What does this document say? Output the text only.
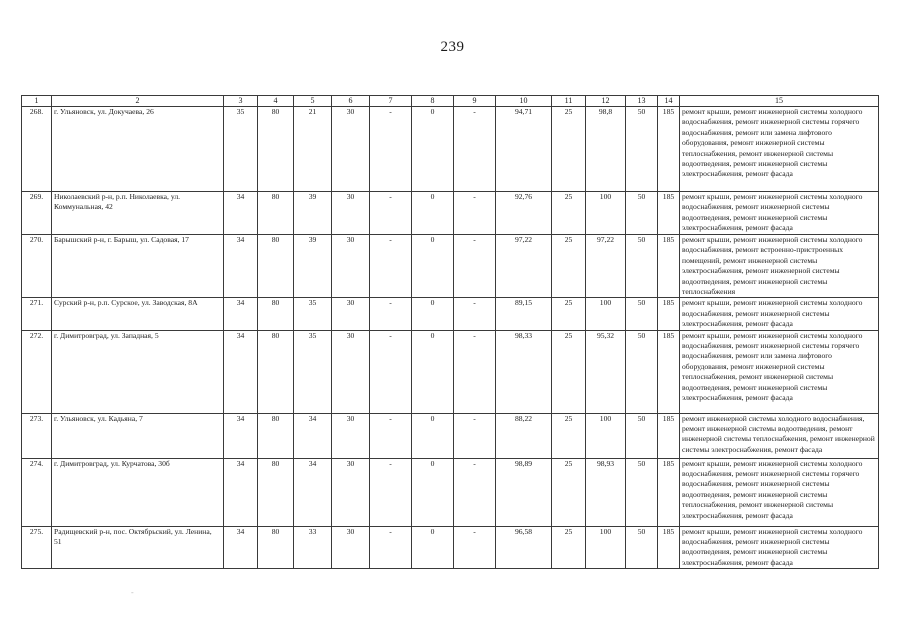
239
1	2	3	4	5	6	7	8	9	10	11	12	13	14	15
268.	г. Ульяновск, ул. Докучаева, 26	35	80	21	30	-	0	-	94,71	25	98,8	50	185	ремонт крыши, ремонт инженерной системы холодного водоснабжения, ремонт инженерной системы горячего водоснабжения, ремонт или замена лифтового оборудования, ремонт инженерной системы теплоснабжения, ремонт инженерной системы водоотведения, ремонт инженерной системы электроснабжения, ремонт фасада
269.	Николаевский р-н, р.п. Николаевка, ул. Коммунальная, 42	34	80	39	30	-	0	-	92,76	25	100	50	185	ремонт крыши, ремонт инженерной системы холодного водоснабжения, ремонт инженерной системы водоотведения, ремонт инженерной системы электроснабжения, ремонт фасада
270.	Барышский р-н, г. Барыш, ул. Садовая, 17	34	80	39	30	-	0	-	97,22	25	97,22	50	185	ремонт крыши, ремонт инженерной системы холодного водоснабжения, ремонт встроенно-пристроенных помещений, ремонт инженерной системы электроснабжения, ремонт инженерной системы водоотведения, ремонт инженерной системы теплоснабжения
271.	Сурский р-н, р.п. Сурское, ул. Заводская, 8А	34	80	35	30	-	0	-	89,15	25	100	50	185	ремонт крыши, ремонт инженерной системы холодного водоснабжения, ремонт инженерной системы электроснабжения, ремонт фасада
272.	г. Димитровград, ул. Западная, 5	34	80	35	30	-	0	-	98,33	25	95,32	50	185	ремонт крыши, ремонт инженерной системы холодного водоснабжения, ремонт инженерной системы горячего водоснабжения, ремонт или замена лифтового оборудования, ремонт инженерной системы теплоснабжения, ремонт инженерной системы водоотведения, ремонт инженерной системы электроснабжения, ремонт фасада
273.	г. Ульяновск, ул. Кадьяна, 7	34	80	34	30	-	0	-	88,22	25	100	50	185	ремонт инженерной системы холодного водоснабжения, ремонт инженерной системы водоотведения, ремонт инженерной системы теплоснабжения, ремонт инженерной системы электроснабжения, ремонт фасада
274.	г. Димитровград, ул. Курчатова, 30б	34	80	34	30	-	0	-	98,89	25	98,93	50	185	ремонт крыши, ремонт инженерной системы холодного водоснабжения, ремонт инженерной системы горячего водоснабжения, ремонт инженерной системы водоотведения, ремонт инженерной системы теплоснабжения, ремонт инженерной системы электроснабжения, ремонт фасада
275.	Радищевский р-н, пос. Октябрьский, ул. Ленина, 51	34	80	33	30	-	0	-	96,58	25	100	50	185	ремонт крыши, ремонт инженерной системы холодного водоснабжения, ремонт инженерной системы водоотведения, ремонт инженерной системы электроснабжения, ремонт фасада
-
